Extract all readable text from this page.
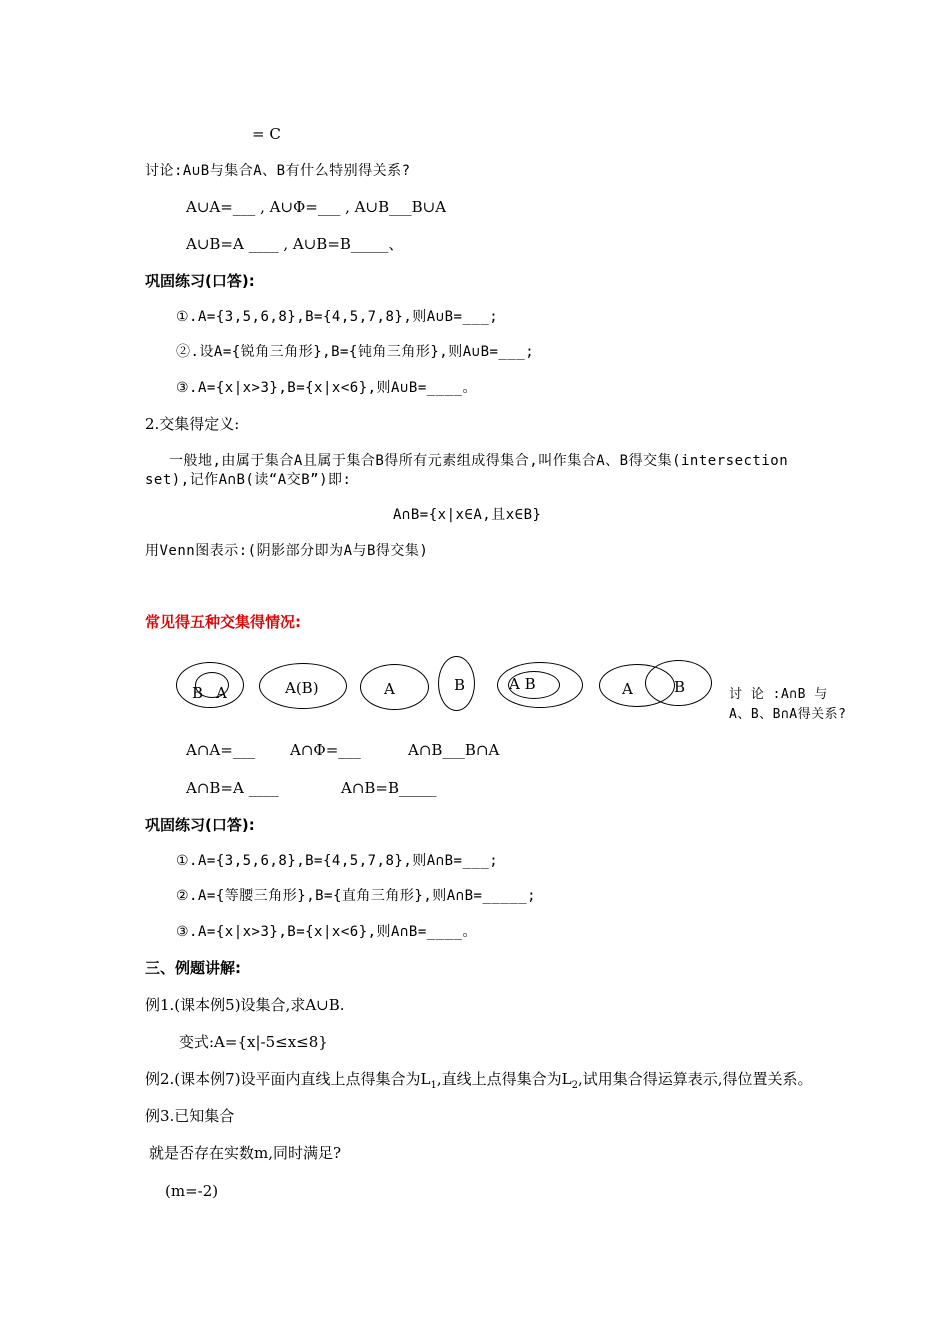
= C
讨论:A∪B与集合A、B有什么特别得关系?
A∪A=___ , A∪Φ=___ , A∪B___B∪A
A∪B=A ____ , A∪B=B_____、
巩固练习(口答):
①.A={3,5,6,8},B={4,5,7,8},则A∪B=___;
②.设A={锐角三角形},B={钝角三角形},则A∪B=___;
③.A={x|x>3},B={x|x<6},则A∪B=____。
2.交集得定义:
一般地,由属于集合A且属于集合B得所有元素组成得集合,叫作集合A、B得交集(intersection
set),记作A∩B(读“A交B”)即:
A∩B={x|x∈A,且x∈B}
用Venn图表示:(阴影部分即为A与B得交集)
常见得五种交集得情况:
B A	A(B)	A	B	A B	A	B	讨 论 :A∩B 与
A、B、B∩A得关系?
A∩A=___ A∩Φ=___	A∩B___B∩A
A∩B=A ____	A∩B=B_____
巩固练习(口答):
①.A={3,5,6,8},B={4,5,7,8},则A∩B=___;
②.A={等腰三角形},B={直角三角形},则A∩B=_____;
③.A={x|x>3},B={x|x<6},则A∩B=____。
三、例题讲解:
例1.(课本例5)设集合,求A∪B.
变式:A={x|-5≤x≤8}
例2.(课本例7)设平面内直线上点得集合为$L_1$,直线上点得集合为$L_2$,试用集合得运算表示,得位置关系。
例3.已知集合
就是否存在实数m,同时满足?
(m=-2)
